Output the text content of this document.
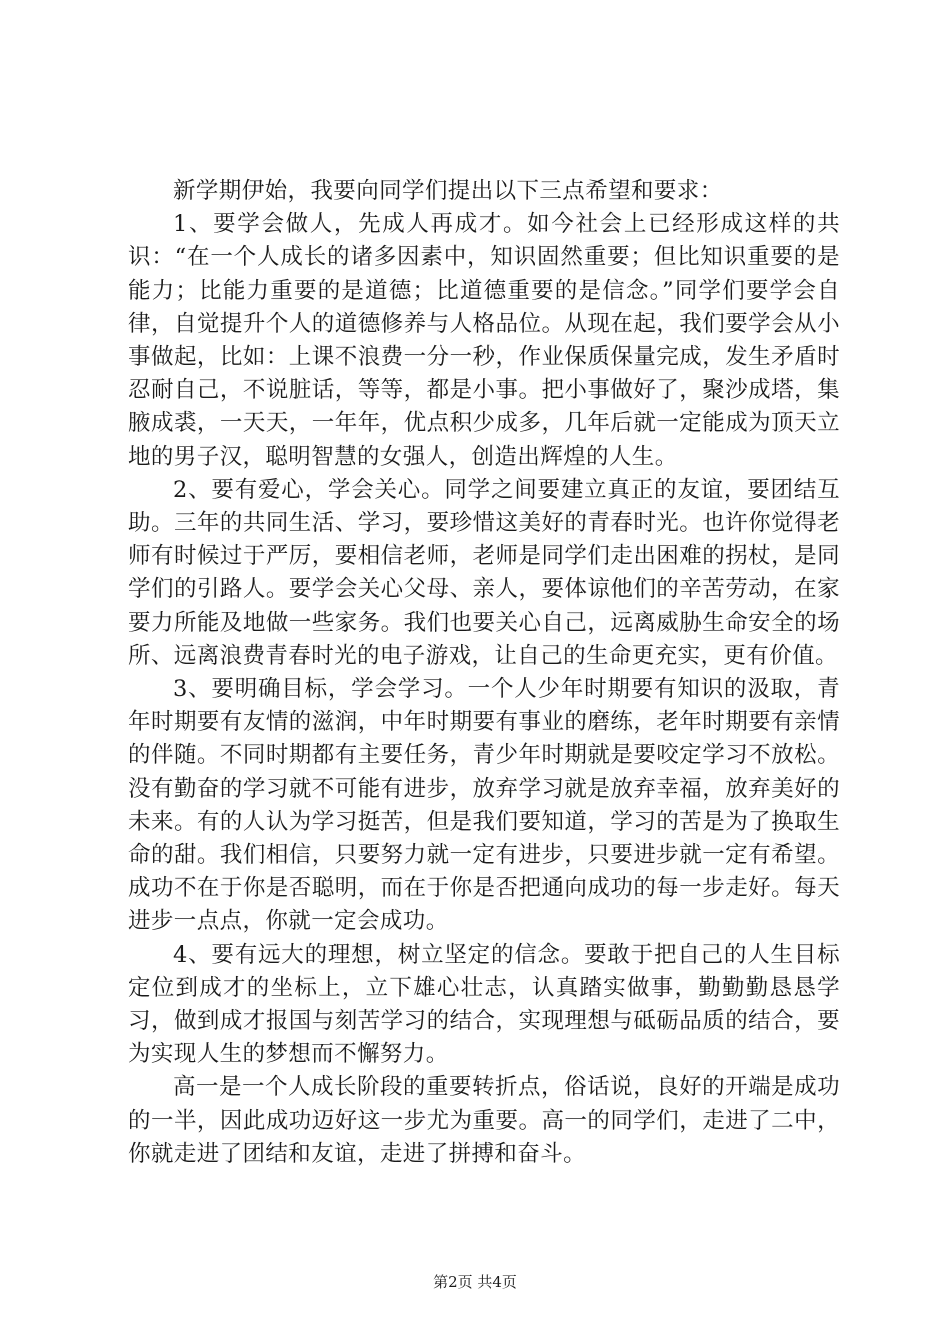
新学期伊始，我要向同学们提出以下三点希望和要求：

1、要学会做人，先成人再成才。如今社会上已经形成这样的共识：“在一个人成长的诸多因素中，知识固然重要；但比知识重要的是能力；比能力重要的是道德；比道德重要的是信念。”同学们要学会自律，自觉提升个人的道德修养与人格品位。从现在起，我们要学会从小事做起，比如：上课不浪费一分一秒，作业保质保量完成，发生矛盾时忍耐自己，不说脏话，等等，都是小事。把小事做好了，聚沙成塔，集腋成裘，一天天，一年年，优点积少成多，几年后就一定能成为顶天立地的男子汉，聪明智慧的女强人，创造出辉煌的人生。

2、要有爱心，学会关心。同学之间要建立真正的友谊，要团结互助。三年的共同生活、学习，要珍惜这美好的青春时光。也许你觉得老师有时候过于严厉，要相信老师，老师是同学们走出困难的拐杖，是同学们的引路人。要学会关心父母、亲人，要体谅他们的辛苦劳动，在家要力所能及地做一些家务。我们也要关心自己，远离威胁生命安全的场所、远离浪费青春时光的电子游戏，让自己的生命更充实，更有价值。

3、要明确目标，学会学习。一个人少年时期要有知识的汲取，青年时期要有友情的滋润，中年时期要有事业的磨练，老年时期要有亲情的伴随。不同时期都有主要任务，青少年时期就是要咬定学习不放松。没有勤奋的学习就不可能有进步，放弃学习就是放弃幸福，放弃美好的未来。有的人认为学习挺苦，但是我们要知道，学习的苦是为了换取生命的甜。我们相信，只要努力就一定有进步，只要进步就一定有希望。成功不在于你是否聪明，而在于你是否把通向成功的每一步走好。每天进步一点点，你就一定会成功。

4、要有远大的理想，树立坚定的信念。要敢于把自己的人生目标定位到成才的坐标上，立下雄心壮志，认真踏实做事，勤勤勤恳恳学习，做到成才报国与刻苦学习的结合，实现理想与砥砺品质的结合，要为实现人生的梦想而不懈努力。

高一是一个人成长阶段的重要转折点，俗话说，良好的开端是成功的一半，因此成功迈好这一步尤为重要。高一的同学们，走进了二中，你就走进了团结和友谊，走进了拼搏和奋斗。

第2页 共4页
